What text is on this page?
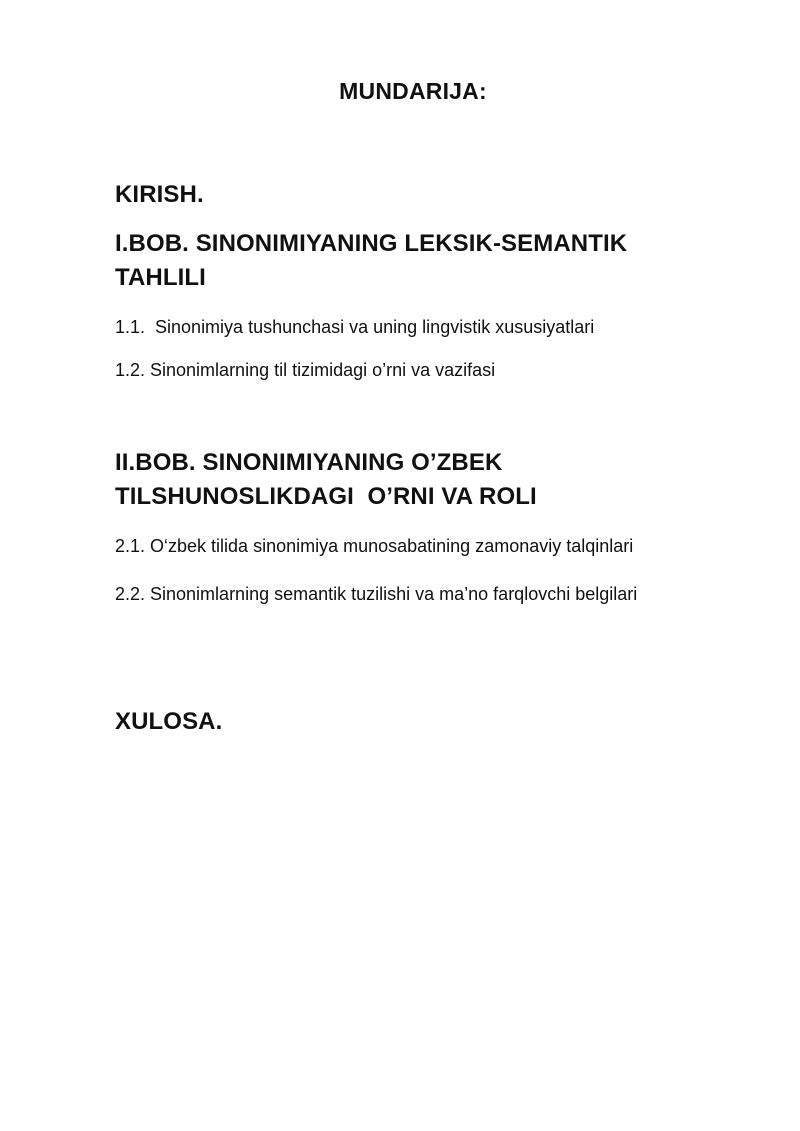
MUNDARIJA:
KIRISH.
I.BOB. SINONIMIYANING LEKSIK-SEMANTIK
TAHLILI
1.1.  Sinonimiya tushunchasi va uning lingvistik xususiyatlari
1.2. Sinonimlarning til tizimidagi o’rni va vazifasi
II.BOB. SINONIMIYANING O’ZBEK
TILSHUNOSLIKDAGI  O’RNI VA ROLI
2.1. O‘zbek tilida sinonimiya munosabatining zamonaviy talqinlari
2.2. Sinonimlarning semantik tuzilishi va ma’no farqlovchi belgilari
XULOSA.
